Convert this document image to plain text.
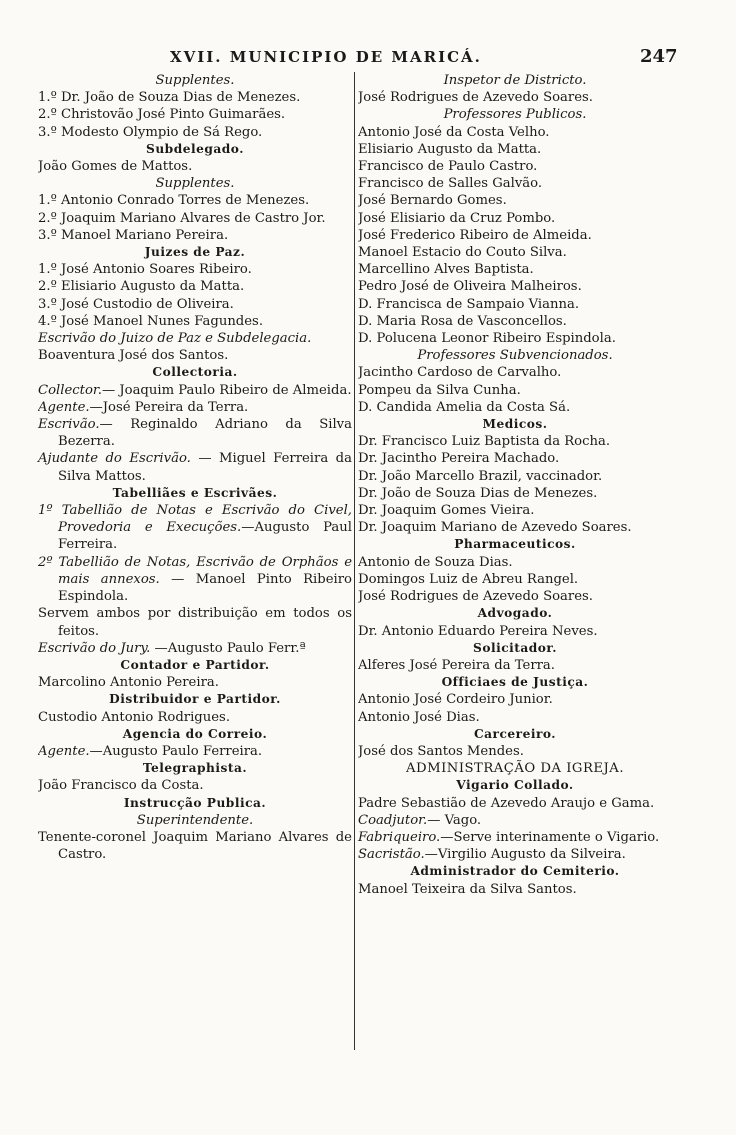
XVII. MUNICIPIO DE MARICÁ.	247
Supplentes.
1.º Dr. João de Souza Dias de Menezes.
2.º Christovão José Pinto Guimarães.
3.º Modesto Olympio de Sá Rego.
Subdelegado.
João Gomes de Mattos.
Supplentes.
1.º Antonio Conrado Torres de Menezes.
2.º Joaquim Mariano Alvares de Castro Jor.
3.º Manoel Mariano Pereira.
Juizes de Paz.
1.º José Antonio Soares Ribeiro.
2.º Elisiario Augusto da Matta.
3.º José Custodio de Oliveira.
4.º José Manoel Nunes Fagundes.
Escrivão do Juizo de Paz e Subdelegacia.
Boaventura José dos Santos.
Collectoria.
Collector.— Joaquim Paulo Ribeiro de Almeida.
Agente.—José Pereira da Terra.
Escrivão.— Reginaldo Adriano da Silva Bezerra.
Ajudante do Escrivão. — Miguel Ferreira da Silva Mattos.
Tabelliães e Escrivães.
1º Tabellião de Notas e Escrivão do Civel, Provedoria e Execuções.—Augusto Paul Ferreira.
2º Tabellião de Notas, Escrivão de Orphãos e mais annexos. — Manoel Pinto Ribeiro Espindola.
Servem ambos por distribuição em todos os feitos.
Escrivão do Jury. —Augusto Paulo Ferr.ª
Contador e Partidor.
Marcolino Antonio Pereira.
Distribuidor e Partidor.
Custodio Antonio Rodrigues.
Agencia do Correio.
Agente.—Augusto Paulo Ferreira.
Telegraphista.
João Francisco da Costa.
Instrucção Publica.
Superintendente.
Tenente-coronel Joaquim Mariano Alvares de Castro.
Inspetor de Districto.
José Rodrigues de Azevedo Soares.
Professores Publicos.
Antonio José da Costa Velho.
Elisiario Augusto da Matta.
Francisco de Paulo Castro.
Francisco de Salles Galvão.
José Bernardo Gomes.
José Elisiario da Cruz Pombo.
José Frederico Ribeiro de Almeida.
Manoel Estacio do Couto Silva.
Marcellino Alves Baptista.
Pedro José de Oliveira Malheiros.
D. Francisca de Sampaio Vianna.
D. Maria Rosa de Vasconcellos.
D. Polucena Leonor Ribeiro Espindola.
Professores Subvencionados.
Jacintho Cardoso de Carvalho.
Pompeu da Silva Cunha.
D. Candida Amelia da Costa Sá.
Medicos.
Dr. Francisco Luiz Baptista da Rocha.
Dr. Jacintho Pereira Machado.
Dr. João Marcello Brazil, vaccinador.
Dr. João de Souza Dias de Menezes.
Dr. Joaquim Gomes Vieira.
Dr. Joaquim Mariano de Azevedo Soares.
Pharmaceuticos.
Antonio de Souza Dias.
Domingos Luiz de Abreu Rangel.
José Rodrigues de Azevedo Soares.
Advogado.
Dr. Antonio Eduardo Pereira Neves.
Solicitador.
Alferes José Pereira da Terra.
Officiaes de Justiça.
Antonio José Cordeiro Junior.
Antonio José Dias.
Carcereiro.
José dos Santos Mendes.
ADMINISTRAÇÃO DA IGREJA.
Vigario Collado.
Padre Sebastião de Azevedo Araujo e Gama.
Coadjutor.— Vago.
Fabriqueiro.—Serve interinamente o Vigario.
Sacristão.—Virgilio Augusto da Silveira.
Administrador do Cemiterio.
Manoel Teixeira da Silva Santos.
